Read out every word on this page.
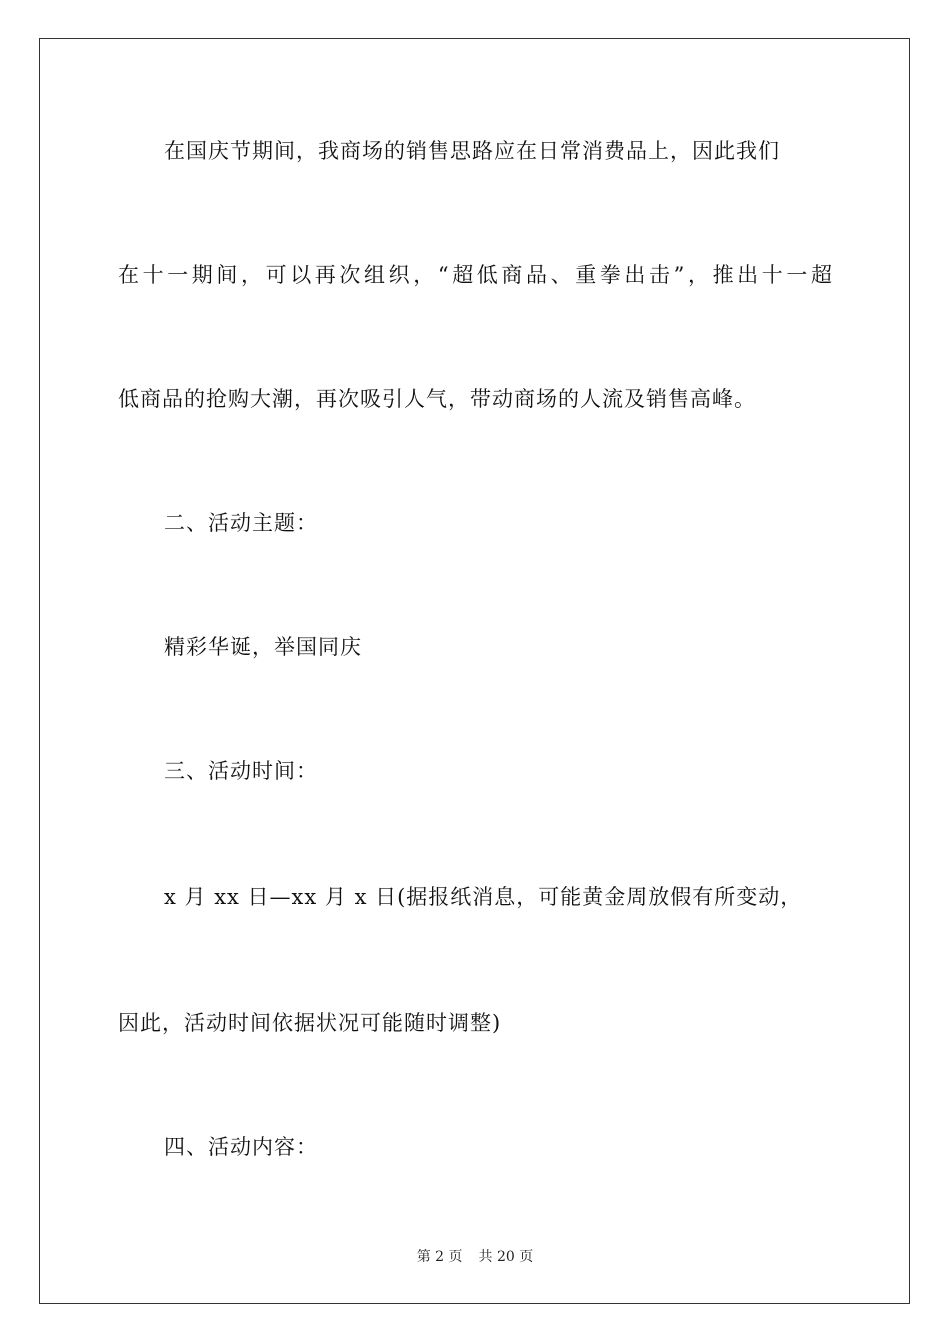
在国庆节期间，我商场的销售思路应在日常消费品上，因此我们
在十一期间，可以再次组织，“超低商品、重拳出击”，推出十一超
低商品的抢购大潮，再次吸引人气，带动商场的人流及销售高峰。
二、活动主题：
精彩华诞，举国同庆
三、活动时间：
x 月 xx 日—xx 月 x 日(据报纸消息，可能黄金周放假有所变动，
因此，活动时间依据状况可能随时调整)
四、活动内容：
第 2 页 共 20 页
